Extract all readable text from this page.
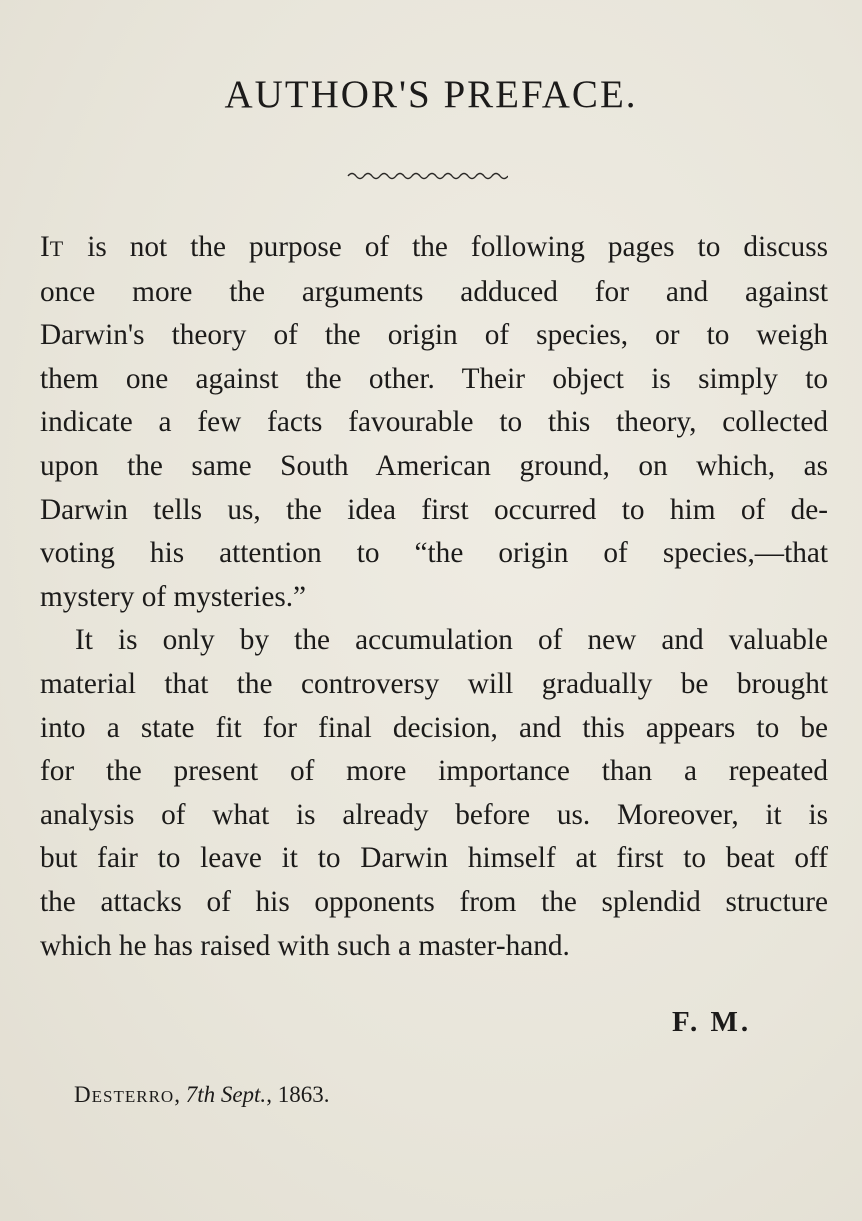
AUTHOR'S PREFACE.
IT is not the purpose of the following pages to discuss
once more the arguments adduced for and against
Darwin's theory of the origin of species, or to weigh
them one against the other. Their object is simply to
indicate a few facts favourable to this theory, collected
upon the same South American ground, on which, as
Darwin tells us, the idea first occurred to him of de-
voting his attention to “the origin of species,—that
mystery of mysteries.”
It is only by the accumulation of new and valuable
material that the controversy will gradually be brought
into a state fit for final decision, and this appears to be
for the present of more importance than a repeated
analysis of what is already before us. Moreover, it is
but fair to leave it to Darwin himself at first to beat off
the attacks of his opponents from the splendid structure
which he has raised with such a master-hand.
F. M.
DESTERRO, 7th Sept., 1863.
